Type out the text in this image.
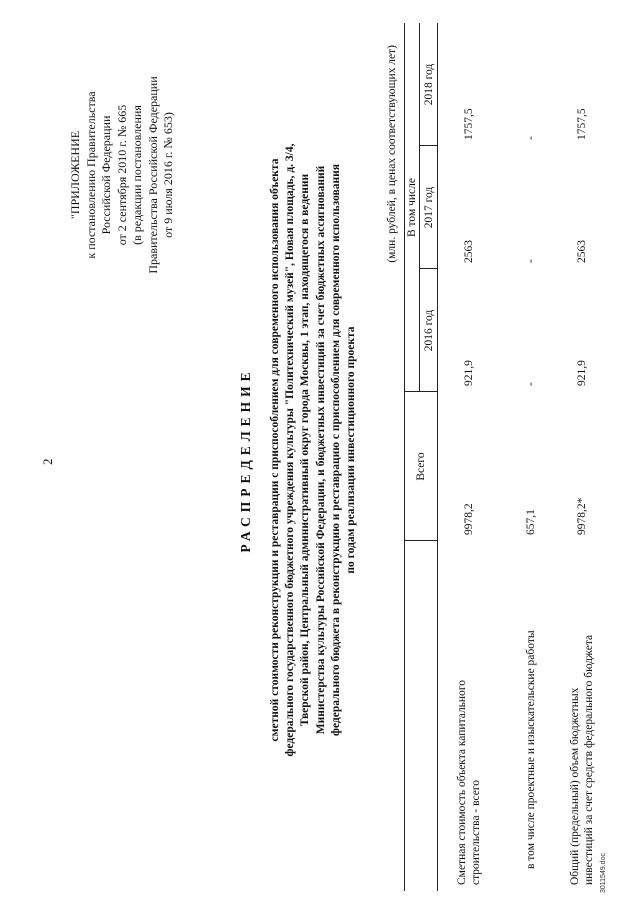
2
"ПРИЛОЖЕНИЕ к постановлению Правительства Российской Федерации от 2 сентября 2010 г. № 665 (в редакции постановления Правительства Российской Федерации от 9 июля 2016 г. № 653)
РАСПРЕДЕЛЕНИЕ сметной стоимости реконструкции и реставрации с приспособлением для современного использования объекта федерального государственного бюджетного учреждения культуры "Политехнический музей", Новая площадь, д. 3/4, Тверской район, Центральный административный округ города Москвы, 1 этап, находящегося в ведении Министерства культуры Российской Федерации, и бюджетных инвестиций за счет бюджетных ассигнований федерального бюджета в реконструкцию и реставрацию с приспособлением для современного использования по годам реализации инвестиционного проекта
(млн. рублей, в ценах соответствующих лет)
	Всего	В том числе		
		2016 год	2017 год	2018 год

Сметная стоимость объекта капитального строительства - всего	9978,2	921,9	2563	1757,5

в том числе проектные и изыскательские работы	657,1	-	-	-

Общий (предельный) объем бюджетных инвестиций за счет средств федерального бюджета	9978,2*	921,9	2563	1757,5
3011549.doc
